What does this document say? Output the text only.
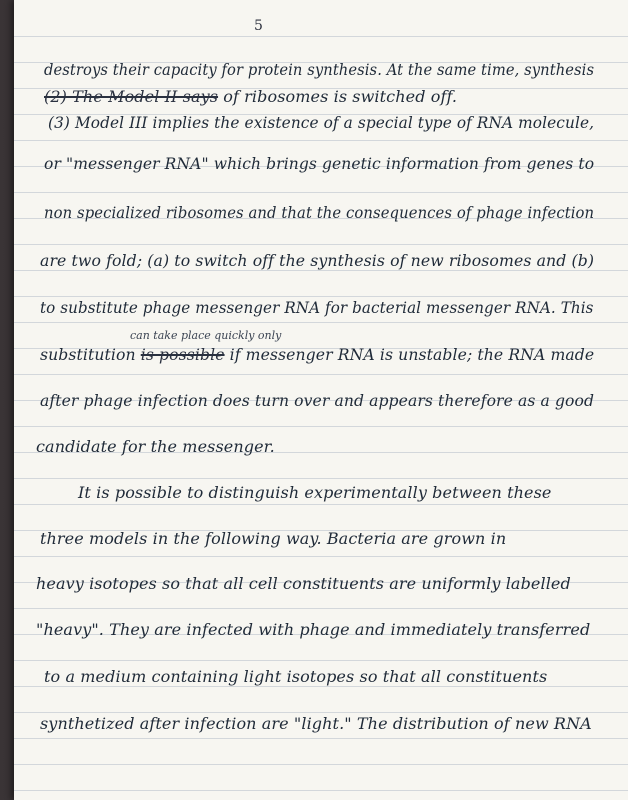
5
destroys their capacity for protein synthesis. At the same time, synthesis
(2) The Model II says of ribosomes is switched off.
(3) Model III implies the existence of a special type of RNA molecule,
or "messenger RNA" which brings genetic information from genes to
non specialized ribosomes and that the consequences of phage infection
are two fold; (a) to switch off the synthesis of new ribosomes and (b)
to substitute phage messenger RNA for bacterial messenger RNA. This
can take place quickly only
substitution is possible if messenger RNA is unstable; the RNA made
after phage infection does turn over and appears therefore as a good
candidate for the messenger.
It is possible to distinguish experimentally between these
three models in the following way. Bacteria are grown in
heavy isotopes so that all cell constituents are uniformly labelled
"heavy". They are infected with phage and immediately transferred
to a medium containing light isotopes so that all constituents
synthetized after infection are "light." The distribution of new RNA
